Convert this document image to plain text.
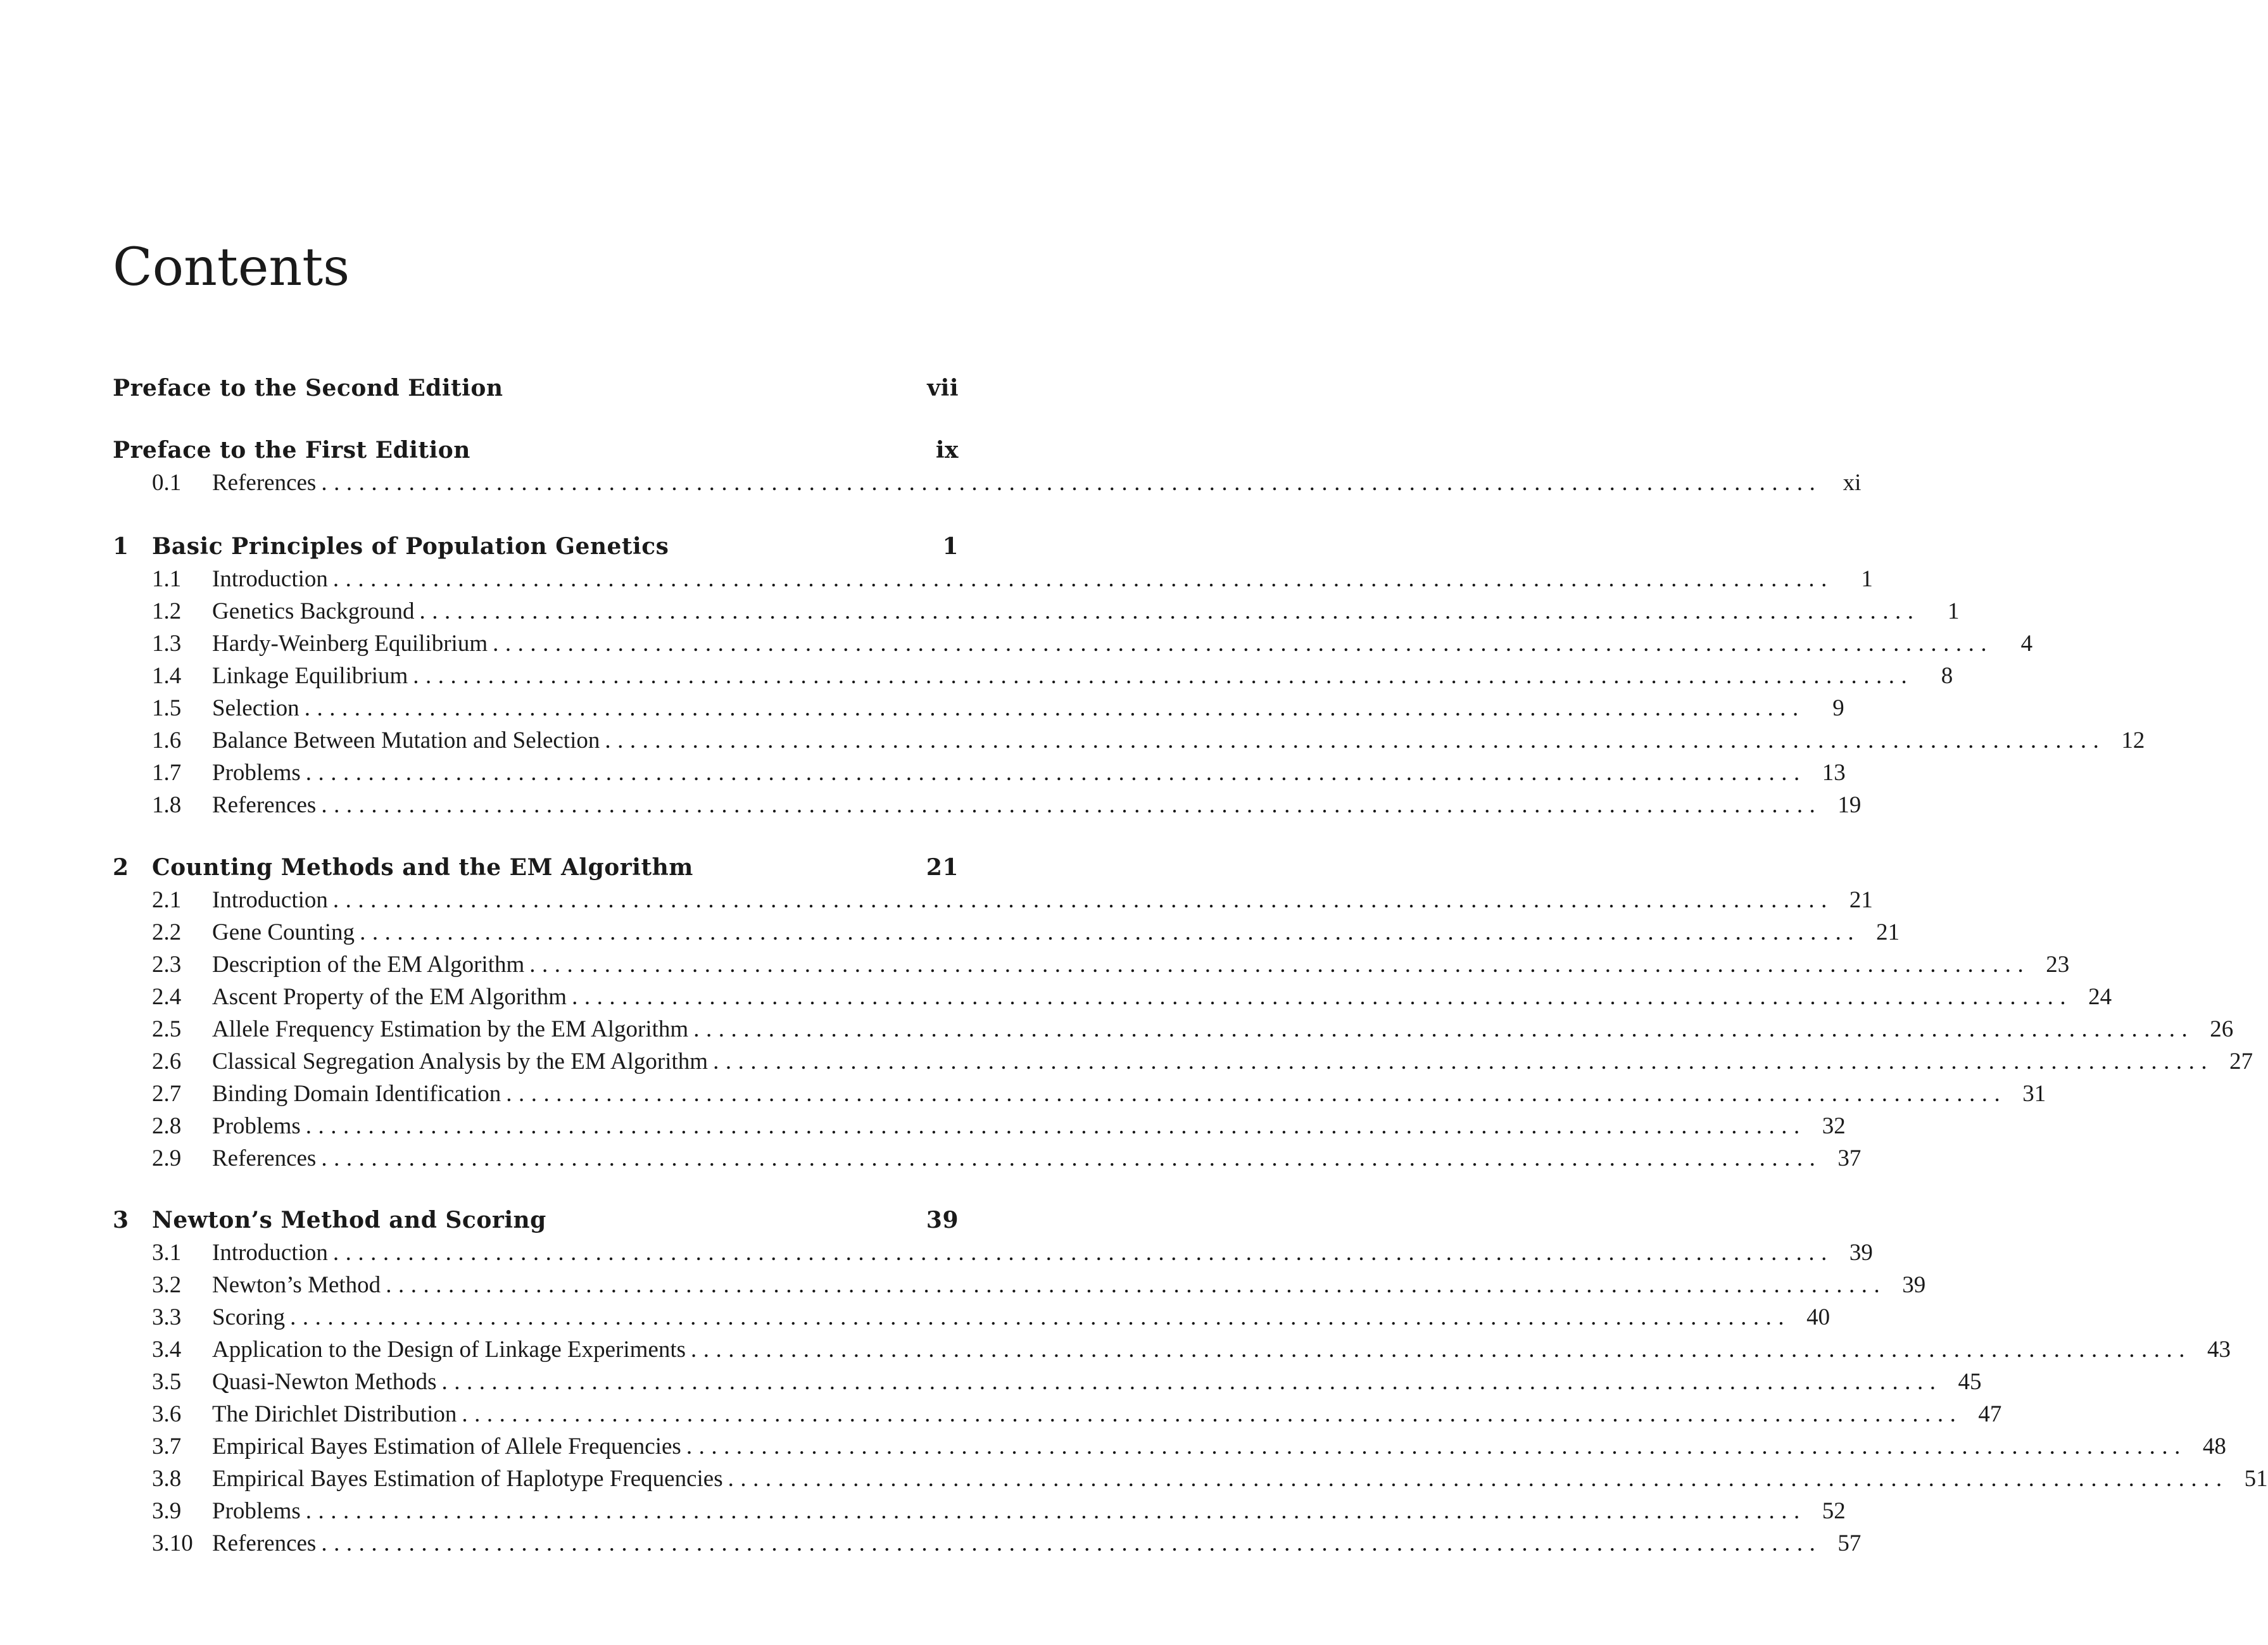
Contents
Preface to the Second Edition	vii
Preface to the First Edition	ix
0.1	References ........................................................................................................................ xi
1	Basic Principles of Population Genetics	1
1.1	Introduction ........................................................................................................................	1
1.2	Genetics Background ........................................................................................................................	1
1.3	Hardy-Weinberg Equilibrium ........................................................................................................................	4
1.4	Linkage Equilibrium ........................................................................................................................	8
1.5	Selection ........................................................................................................................	9
1.6	Balance Between Mutation and Selection ........................................................................................................................ 12
1.7	Problems ........................................................................................................................ 13
1.8	References ........................................................................................................................ 19
2	Counting Methods and the EM Algorithm	21
2.1	Introduction ........................................................................................................................ 21
2.2	Gene Counting ........................................................................................................................ 21
2.3	Description of the EM Algorithm ........................................................................................................................ 23
2.4	Ascent Property of the EM Algorithm ........................................................................................................................ 24
2.5	Allele Frequency Estimation by the EM Algorithm ........................................................................................................................ 26
2.6	Classical Segregation Analysis by the EM Algorithm ........................................................................................................................ 27
2.7	Binding Domain Identification ........................................................................................................................ 31
2.8	Problems ........................................................................................................................ 32
2.9	References ........................................................................................................................ 37
3	Newton’s Method and Scoring	39
3.1	Introduction ........................................................................................................................ 39
3.2	Newton’s Method ........................................................................................................................ 39
3.3	Scoring ........................................................................................................................ 40
3.4	Application to the Design of Linkage Experiments ........................................................................................................................ 43
3.5	Quasi-Newton Methods ........................................................................................................................ 45
3.6	The Dirichlet Distribution ........................................................................................................................ 47
3.7	Empirical Bayes Estimation of Allele Frequencies ........................................................................................................................ 48
3.8	Empirical Bayes Estimation of Haplotype Frequencies ........................................................................................................................ 51
3.9	Problems ........................................................................................................................ 52
3.10 References ........................................................................................................................ 57
